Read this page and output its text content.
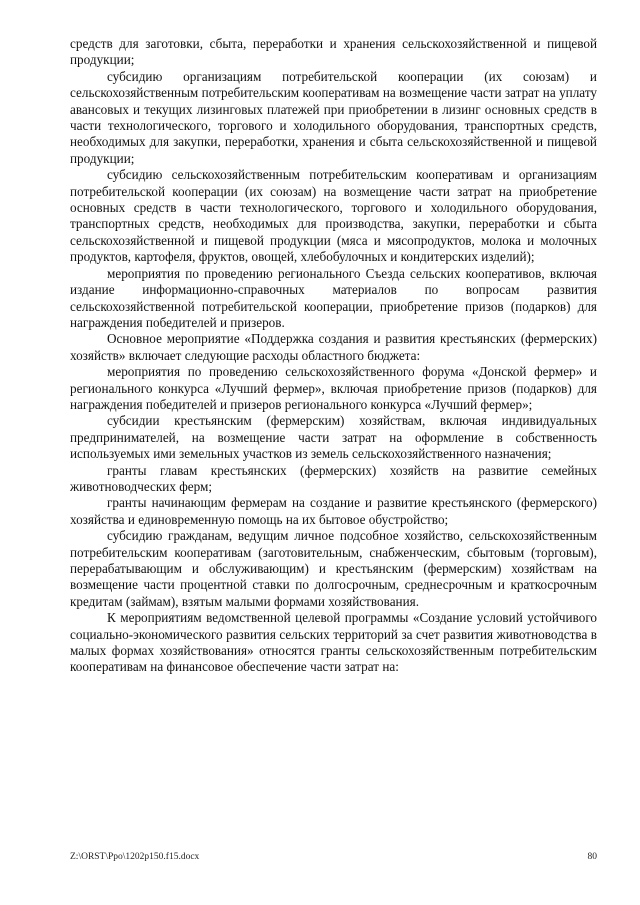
средств для заготовки, сбыта, переработки и хранения сельскохозяйственной и пищевой продукции;

субсидию организациям потребительской кооперации (их союзам) и сельскохозяйственным потребительским кооперативам на возмещение части затрат на уплату авансовых и текущих лизинговых платежей при приобретении в лизинг основных средств в части технологического, торгового и холодильного оборудования, транспортных средств, необходимых для закупки, переработки, хранения и сбыта сельскохозяйственной и пищевой продукции;

субсидию сельскохозяйственным потребительским кооперативам и организациям потребительской кооперации (их союзам) на возмещение части затрат на приобретение основных средств в части технологического, торгового и холодильного оборудования, транспортных средств, необходимых для производства, закупки, переработки и сбыта сельскохозяйственной и пищевой продукции (мяса и мясопродуктов, молока и молочных продуктов, картофеля, фруктов, овощей, хлебобулочных и кондитерских изделий);

мероприятия по проведению регионального Съезда сельских кооперативов, включая издание информационно-справочных материалов по вопросам развития сельскохозяйственной потребительской кооперации, приобретение призов (подарков) для награждения победителей и призеров.

Основное мероприятие «Поддержка создания и развития крестьянских (фермерских) хозяйств» включает следующие расходы областного бюджета:

мероприятия по проведению сельскохозяйственного форума «Донской фермер» и регионального конкурса «Лучший фермер», включая приобретение призов (подарков) для награждения победителей и призеров регионального конкурса «Лучший фермер»;

субсидии крестьянским (фермерским) хозяйствам, включая индивидуальных предпринимателей, на возмещение части затрат на оформление в собственность используемых ими земельных участков из земель сельскохозяйственного назначения;

гранты главам крестьянских (фермерских) хозяйств на развитие семейных животноводческих ферм;

гранты начинающим фермерам на создание и развитие крестьянского (фермерского) хозяйства и единовременную помощь на их бытовое обустройство;

субсидию гражданам, ведущим личное подсобное хозяйство, сельскохозяйственным потребительским кооперативам (заготовительным, снабженческим, сбытовым (торговым), перерабатывающим и обслуживающим) и крестьянским (фермерским) хозяйствам на возмещение части процентной ставки по долгосрочным, среднесрочным и краткосрочным кредитам (займам), взятым малыми формами хозяйствования.

К мероприятиям ведомственной целевой программы «Создание условий устойчивого социально-экономического развития сельских территорий за счет развития животноводства в малых формах хозяйствования» относятся гранты сельскохозяйственным потребительским кооперативам на финансовое обеспечение части затрат на:

Z:\ORST\Ppo\1202p150.f15.docx	80
